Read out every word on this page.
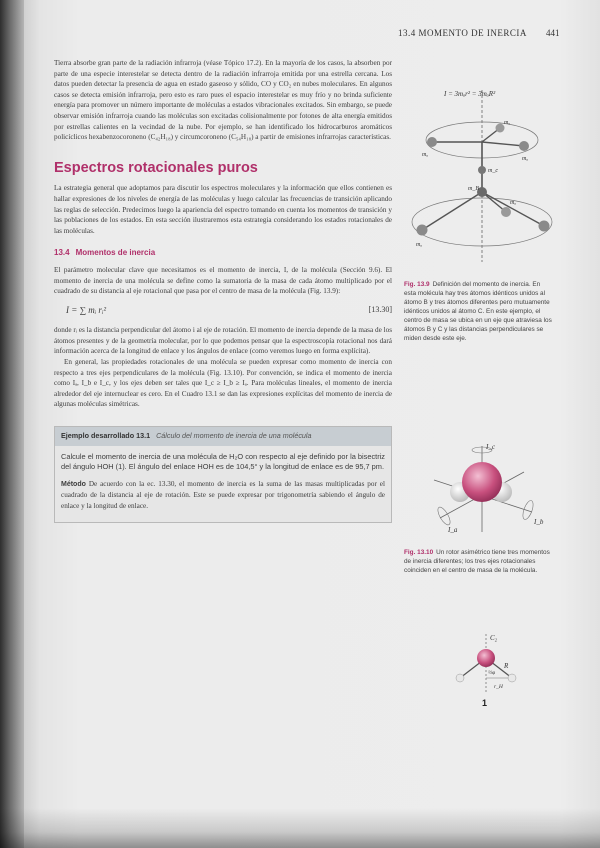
13.4 MOMENTO DE INERCIA 441

Tierra absorbe gran parte de la radiación infrarroja (véase Tópico 17.2). En la mayoría de los casos, la absorben por parte de una especie interestelar se detecta dentro de la radiación infrarroja emitida por una estrella cercana. Los datos pueden detectar la presencia de agua en estado gaseoso y sólido, CO y CO₂ en nubes moleculares. En algunos casos se detecta emisión infrarroja, pero esto es raro pues el espacio interestelar es muy frío y no brinda suficiente energía para promover un número importante de moléculas a estados vibracionales excitados. Sin embargo, se puede observar emisión infrarroja cuando las moléculas son excitadas colisionalmente por fotones de alta energía emitidos por estrellas calientes en la vecindad de la nube. Por ejemplo, se han identificado los hidrocarburos aromáticos policíclicos hexabenzocoroneno (C₄₂H₁₈) y circumcoroneno (C₅₄H₁₈) a partir de emisiones infrarrojas características.

Espectros rotacionales puros

La estrategia general que adoptamos para discutir los espectros moleculares y la información que ellos contienen es hallar expresiones de los niveles de energía de las moléculas y luego calcular las frecuencias de transición aplicando las reglas de selección. Predecimos luego la apariencia del espectro tomando en cuenta los momentos de transición y las poblaciones de los estados. En esta sección ilustraremos esta estrategia considerando los estados rotacionales de las moléculas.

13.4 Momentos de inercia

El parámetro molecular clave que necesitamos es el momento de inercia, I, de la molécula (Sección 9.6). El momento de inercia de una molécula se define como la sumatoria de la masa de cada átomo multiplicado por el cuadrado de su distancia al eje rotacional que pasa por el centro de masa de la molécula (Fig. 13.9):

I = ∑ mᵢ rᵢ²	[13.30]

donde rᵢ es la distancia perpendicular del átomo i al eje de rotación. El momento de inercia depende de la masa de los átomos presentes y de la geometría molecular, por lo que podemos pensar que la espectroscopía rotacional nos dará información acerca de la longitud de enlace y los ángulos de enlace (como veremos luego en forma explícita).

En general, las propiedades rotacionales de una molécula se pueden expresar como momento de inercia con respecto a tres ejes perpendiculares de la molécula (Fig. 13.10). Por convención, se indica el momento de inercia como Iₐ, I_b e I_c, y los ejes deben ser tales que I_c ≥ I_b ≥ Iₐ. Para moléculas lineales, el momento de inercia alrededor del eje internuclear es cero. En el Cuadro 13.1 se dan las expresiones explícitas del momento de inercia de algunas moléculas simétricas.

Ejemplo desarrollado 13.1 Cálculo del momento de inercia de una molécula

Calcule el momento de inercia de una molécula de H₂O con respecto al eje definido por la bisectriz del ángulo HOH (1). El ángulo del enlace HOH es de 104,5° y la longitud de enlace es de 95,7 pm.

Método De acuerdo con la ec. 13.30, el momento de inercia es la suma de las masas multiplicadas por el cuadrado de la distancia al eje de rotación. Este se puede expresar por trigonometría sabiendo el ángulo de enlace y la longitud de enlace.

I = 3mₐr² = 3mₐR²
mₐ
mₐ
mₐ
m_c
m_B
mₐ
mₐ
Fig. 13.9 Definición del momento de inercia. En esta molécula hay tres átomos idénticos unidos al átomo B y tres átomos diferentes pero mutuamente idénticos unidos al átomo C. En este ejemplo, el centro de masa se ubica en un eje que atraviesa los átomos B y C y las distancias perpendiculares se miden desde este eje.
I_c
I_a
I_b
Fig. 13.10 Un rotor asimétrico tiene tres momentos de inercia diferentes; los tres ejes rotacionales coinciden en el centro de masa de la molécula.
C₂
R
½φ
r_H
1
